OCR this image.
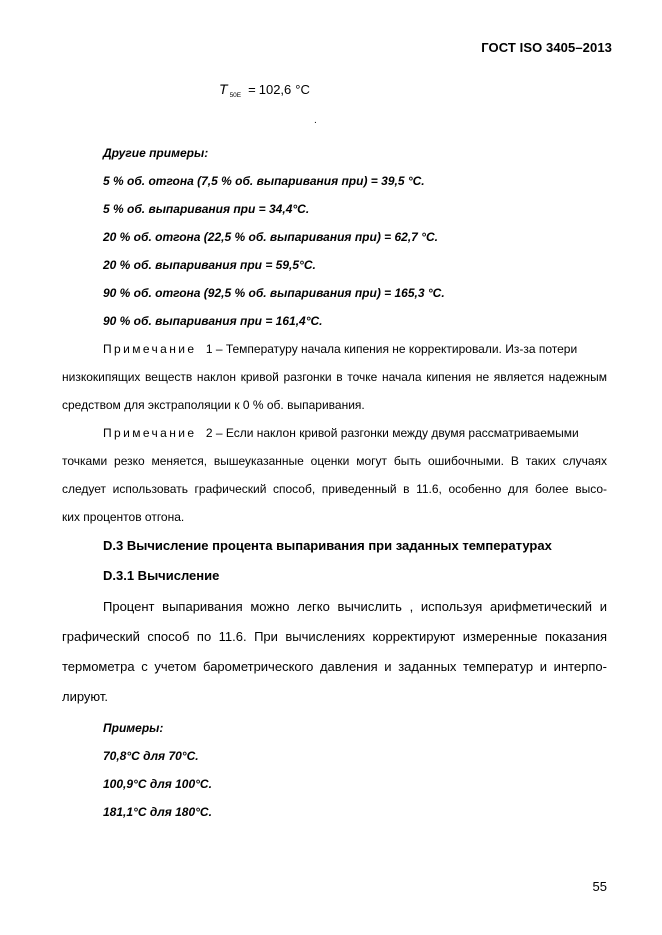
ГОСТ ISO 3405–2013
T 50E = 102,6 °C
.
Другие примеры:
5 % об. отгона (7,5 % об. выпаривания при) = 39,5 °C.
5 % об. выпаривания при = 34,4°C.
20 % об. отгона (22,5 % об. выпаривания при) = 62,7 °C.
20 % об. выпаривания при = 59,5°C.
90 % об. отгона (92,5 % об. выпаривания при) = 165,3 °C.
90 % об. выпаривания при = 161,4°C.
Примечание 1 – Температуру начала кипения не корректировали. Из-за потери
низкокипящих веществ наклон кривой разгонки в точке начала кипения не является надежным
средством для экстраполяции к 0 % об. выпаривания.
Примечание 2 – Если наклон кривой разгонки между двумя рассматриваемыми
точками резко меняется, вышеуказанные оценки могут быть ошибочными. В таких случаях
следует использовать графический способ, приведенный в 11.6, особенно для более высо-
ких процентов отгона.
D.3 Вычисление процента выпаривания при заданных температурах
D.3.1 Вычисление
Процент выпаривания можно легко вычислить , используя арифметический и
графический способ по 11.6. При вычислениях корректируют измеренные показания
термометра с учетом барометрического давления и заданных температур и интерпо-
лируют.
Примеры:
70,8°C для 70°C.
100,9°C для 100°C.
181,1°C для 180°C.
55
